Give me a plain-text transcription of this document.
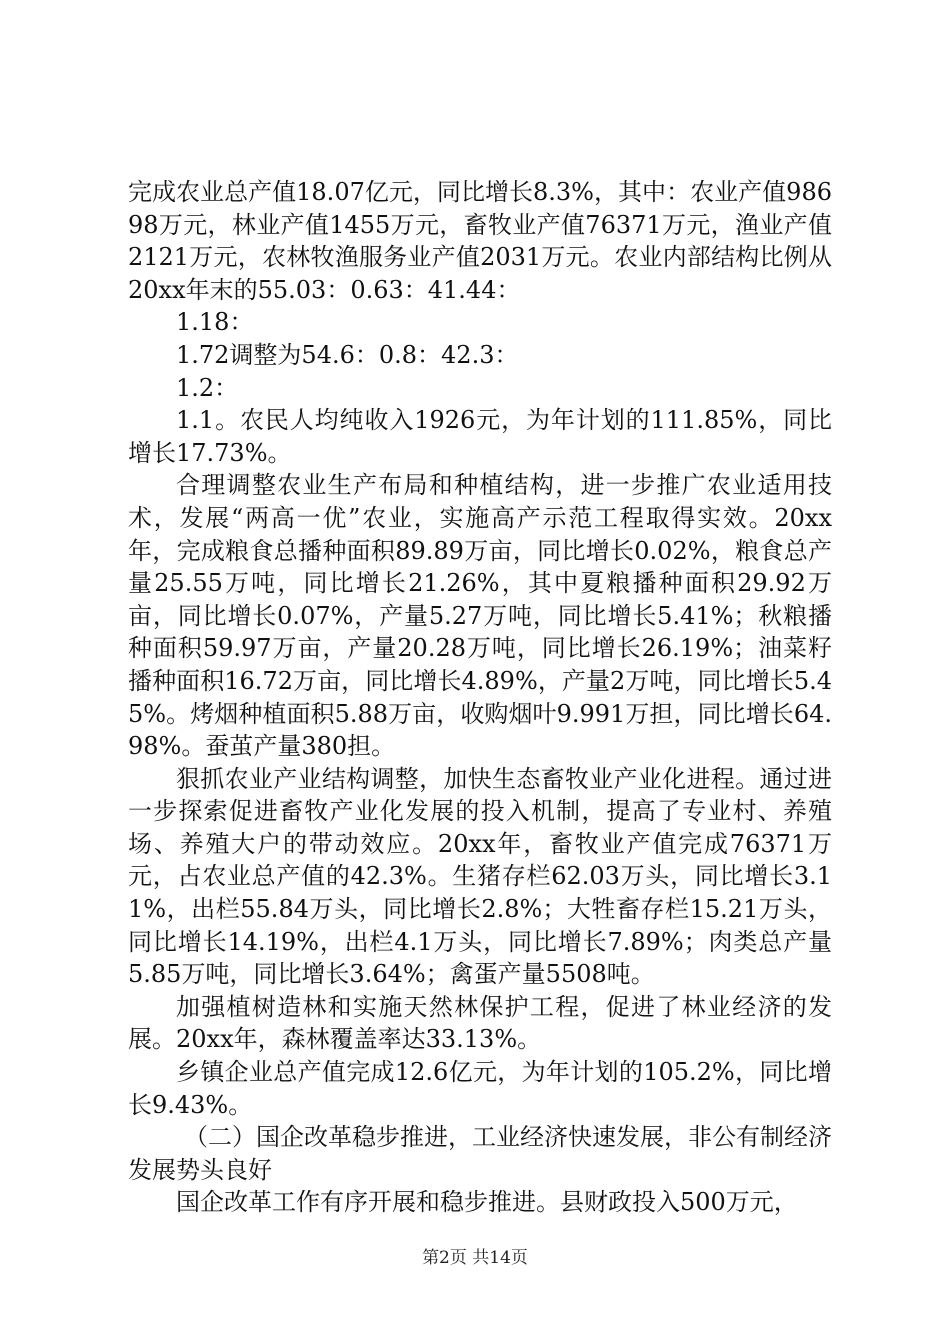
完成农业总产值18.07亿元，同比增长8.3%，其中：农业产值98698万元，林业产值1455万元，畜牧业产值76371万元，渔业产值2121万元，农林牧渔服务业产值2031万元。农业内部结构比例从20xx年末的55.03：0.63：41.44：

1.18：

1.72调整为54.6：0.8：42.3：

1.2：

1.1。农民人均纯收入1926元，为年计划的111.85%，同比增长17.73%。

合理调整农业生产布局和种植结构，进一步推广农业适用技术，发展“两高一优”农业，实施高产示范工程取得实效。20xx年，完成粮食总播种面积89.89万亩，同比增长0.02%，粮食总产量25.55万吨，同比增长21.26%，其中夏粮播种面积29.92万亩，同比增长0.07%，产量5.27万吨，同比增长5.41%；秋粮播种面积59.97万亩，产量20.28万吨，同比增长26.19%；油菜籽播种面积16.72万亩，同比增长4.89%，产量2万吨，同比增长5.45%。烤烟种植面积5.88万亩，收购烟叶9.991万担，同比增长64.98%。蚕茧产量380担。

狠抓农业产业结构调整，加快生态畜牧业产业化进程。通过进一步探索促进畜牧产业化发展的投入机制，提高了专业村、养殖场、养殖大户的带动效应。20xx年，畜牧业产值完成76371万元，占农业总产值的42.3%。生猪存栏62.03万头，同比增长3.11%，出栏55.84万头，同比增长2.8%；大牲畜存栏15.21万头，同比增长14.19%，出栏4.1万头，同比增长7.89%；肉类总产量5.85万吨，同比增长3.64%；禽蛋产量5508吨。

加强植树造林和实施天然林保护工程，促进了林业经济的发展。20xx年，森林覆盖率达33.13%。

乡镇企业总产值完成12.6亿元，为年计划的105.2%，同比增长9.43%。

（二）国企改革稳步推进，工业经济快速发展，非公有制经济发展势头良好

国企改革工作有序开展和稳步推进。县财政投入500万元，

第2页 共14页
